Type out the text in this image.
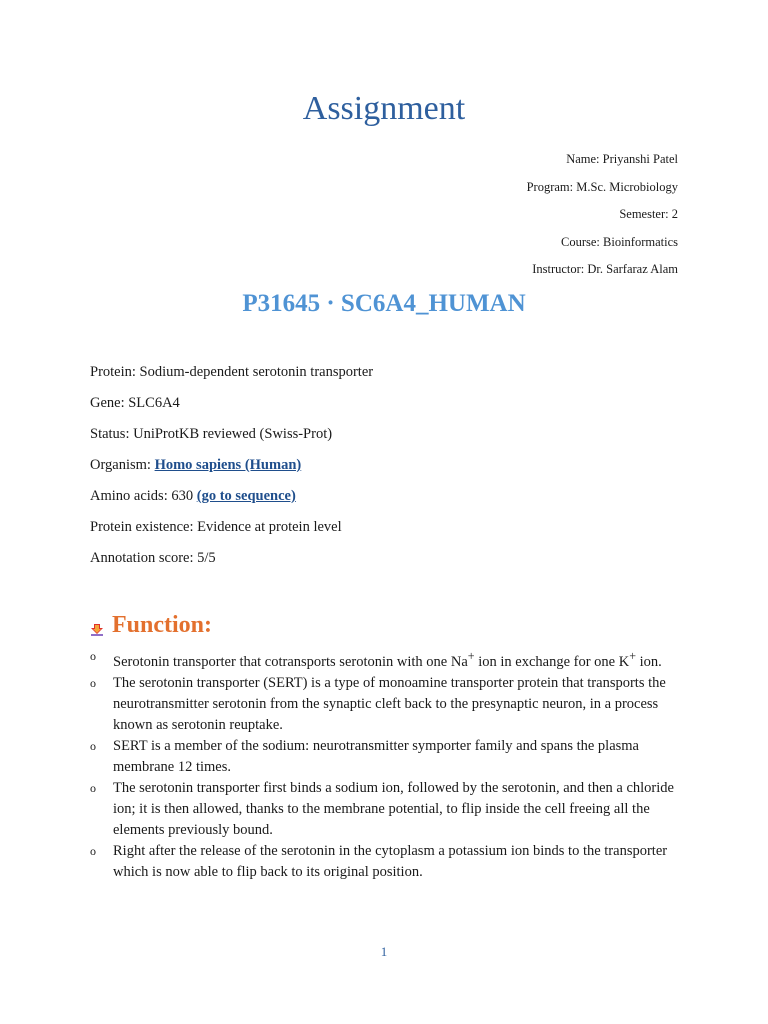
Assignment
Name: Priyanshi Patel
Program: M.Sc. Microbiology
Semester: 2
Course: Bioinformatics
Instructor: Dr. Sarfaraz Alam
P31645 · SC6A4_HUMAN
Protein: Sodium-dependent serotonin transporter
Gene: SLC6A4
Status: UniProtKB reviewed (Swiss-Prot)
Organism: Homo sapiens (Human)
Amino acids: 630 (go to sequence)
Protein existence: Evidence at protein level
Annotation score: 5/5
Function:
o Serotonin transporter that cotransports serotonin with one Na+ ion in exchange for one K+ ion.
o The serotonin transporter (SERT) is a type of monoamine transporter protein that transports the neurotransmitter serotonin from the synaptic cleft back to the presynaptic neuron, in a process known as serotonin reuptake.
o SERT is a member of the sodium: neurotransmitter symporter family and spans the plasma membrane 12 times.
o The serotonin transporter first binds a sodium ion, followed by the serotonin, and then a chloride ion; it is then allowed, thanks to the membrane potential, to flip inside the cell freeing all the elements previously bound.
o Right after the release of the serotonin in the cytoplasm a potassium ion binds to the transporter which is now able to flip back to its original position.
1
